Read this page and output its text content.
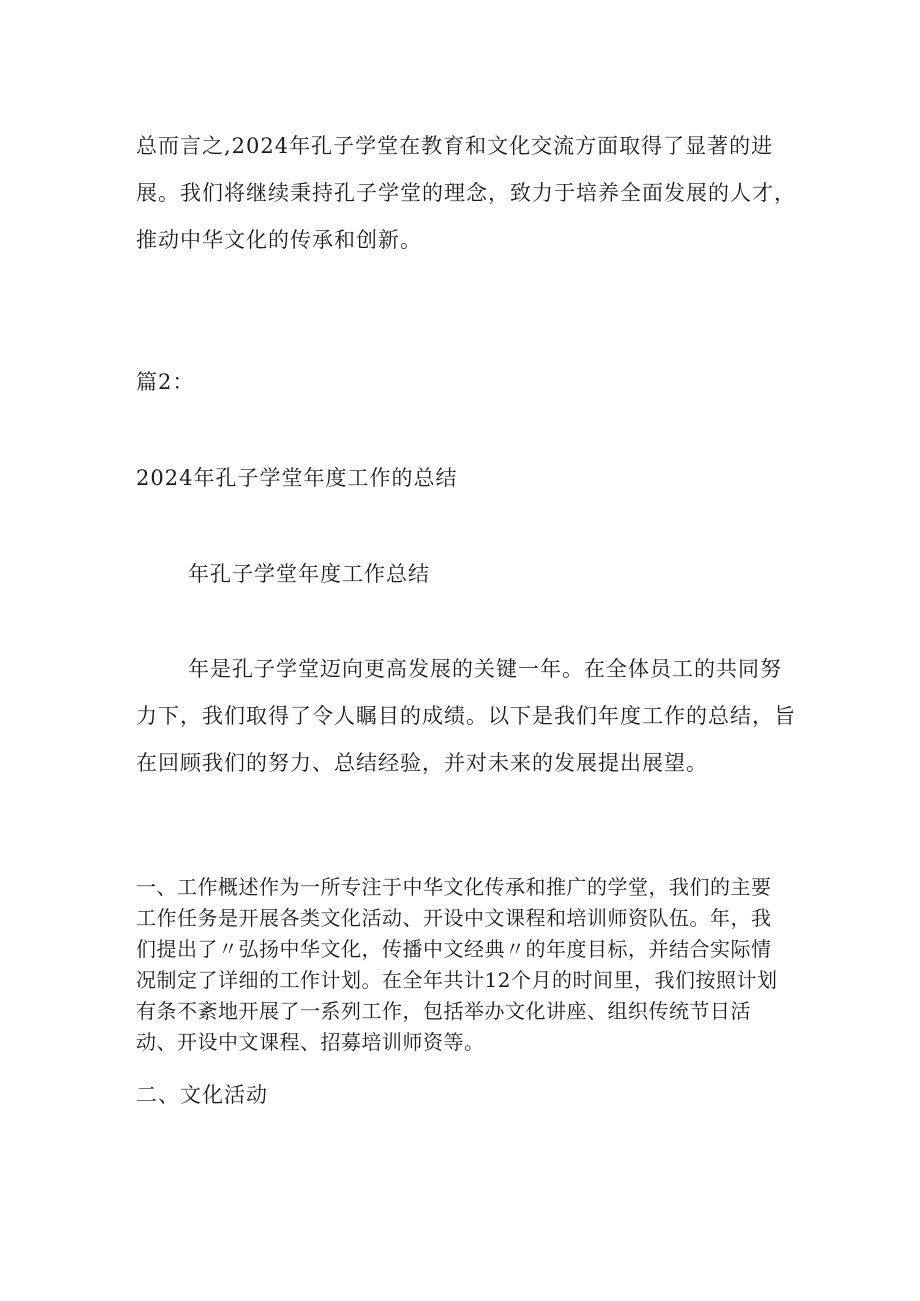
总而言之,2024年孔子学堂在教育和文化交流方面取得了显著的进展。我们将继续秉持孔子学堂的理念，致力于培养全面发展的人才，推动中华文化的传承和创新。

篇2：

2024年孔子学堂年度工作的总结

年孔子学堂年度工作总结

年是孔子学堂迈向更高发展的关键一年。在全体员工的共同努力下，我们取得了令人瞩目的成绩。以下是我们年度工作的总结，旨在回顾我们的努力、总结经验，并对未来的发展提出展望。

一、工作概述作为一所专注于中华文化传承和推广的学堂，我们的主要工作任务是开展各类文化活动、开设中文课程和培训师资队伍。年，我们提出了〃弘扬中华文化，传播中文经典〃的年度目标，并结合实际情况制定了详细的工作计划。在全年共计12个月的时间里，我们按照计划有条不紊地开展了一系列工作，包括举办文化讲座、组织传统节日活动、开设中文课程、招募培训师资等。

二、文化活动
